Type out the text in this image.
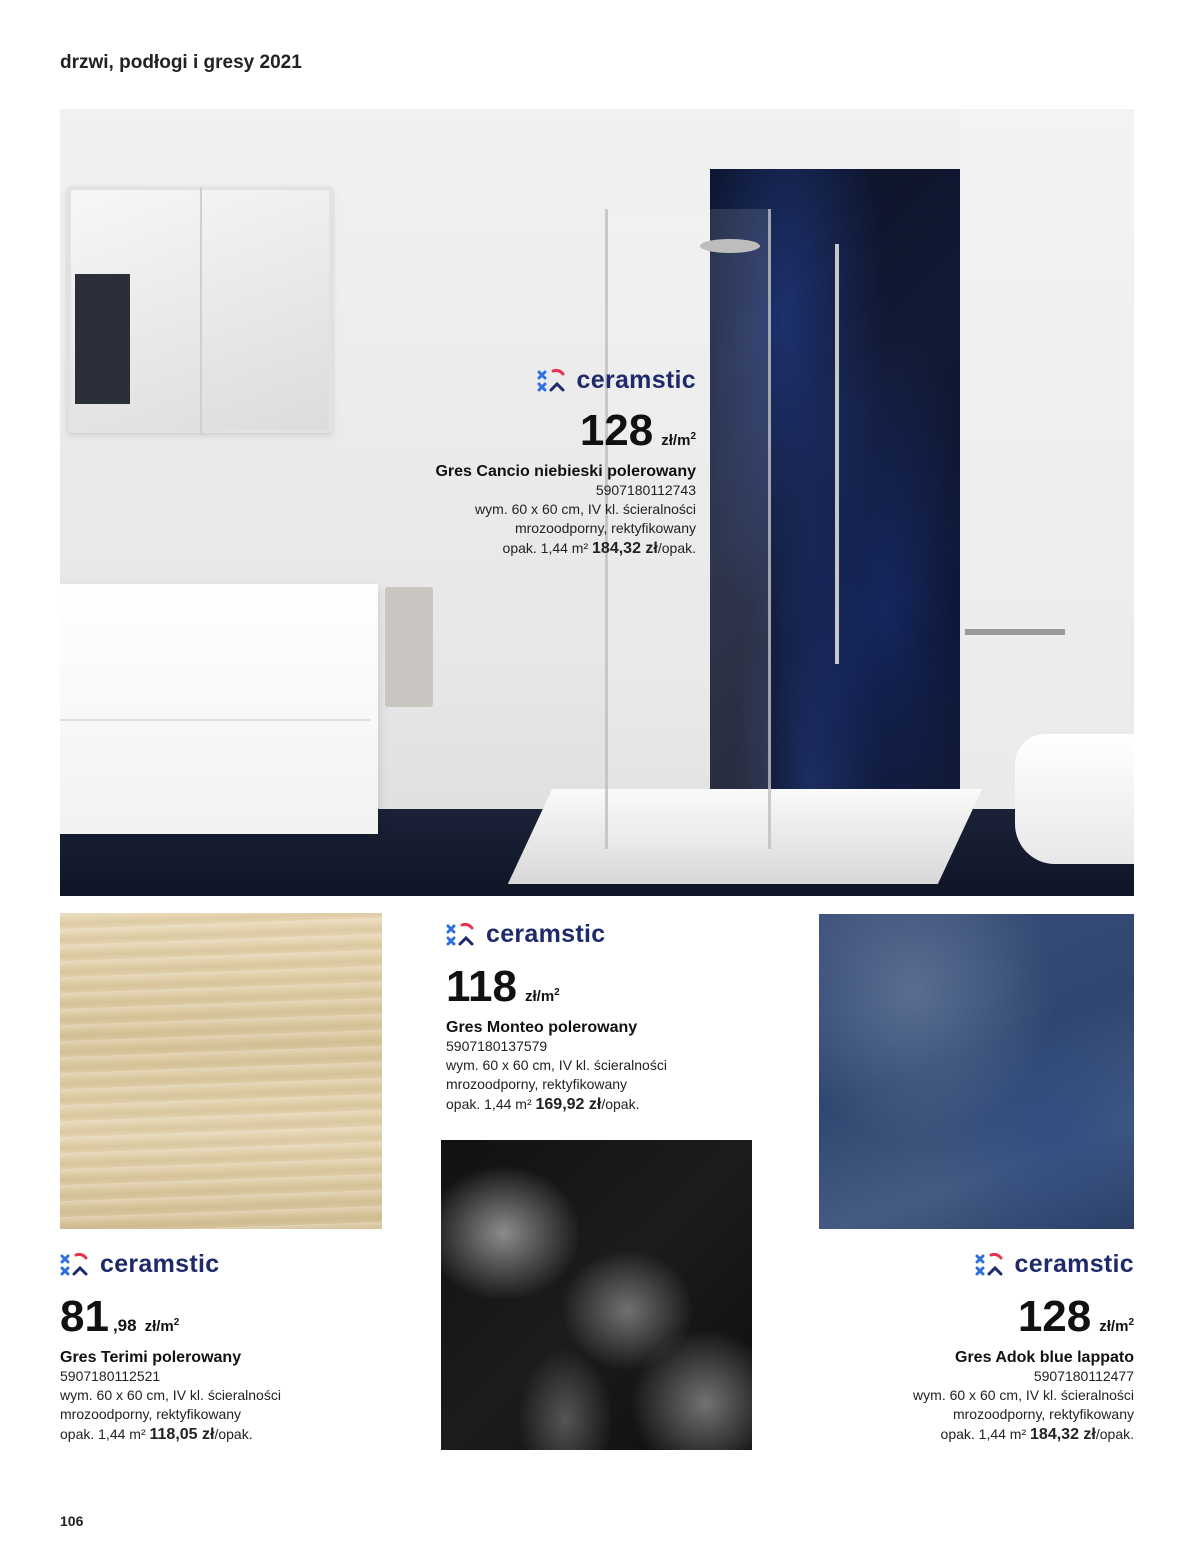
drzwi, podłogi i gresy 2021
ceramstic
128 $zł/m^2$
Gres Cancio niebieski polerowany
5907180112743
wym. 60 x 60 cm, IV kl. ścieralności
mrozoodporny, rektyfikowany
opak. 1,44 m² 184,32 zł/opak.
ceramstic
118 $zł/m^2$
Gres Monteo polerowany
5907180137579
wym. 60 x 60 cm, IV kl. ścieralności
mrozoodporny, rektyfikowany
opak. 1,44 m² 169,92 zł/opak.
ceramstic
81 ,98 $zł/m^2$
Gres Terimi polerowany
5907180112521
wym. 60 x 60 cm, IV kl. ścieralności
mrozoodporny, rektyfikowany
opak. 1,44 m² 118,05 zł/opak.
ceramstic
128 $zł/m^2$
Gres Adok blue lappato
5907180112477
wym. 60 x 60 cm, IV kl. ścieralności
mrozoodporny, rektyfikowany
opak. 1,44 m² 184,32 zł/opak.
106
